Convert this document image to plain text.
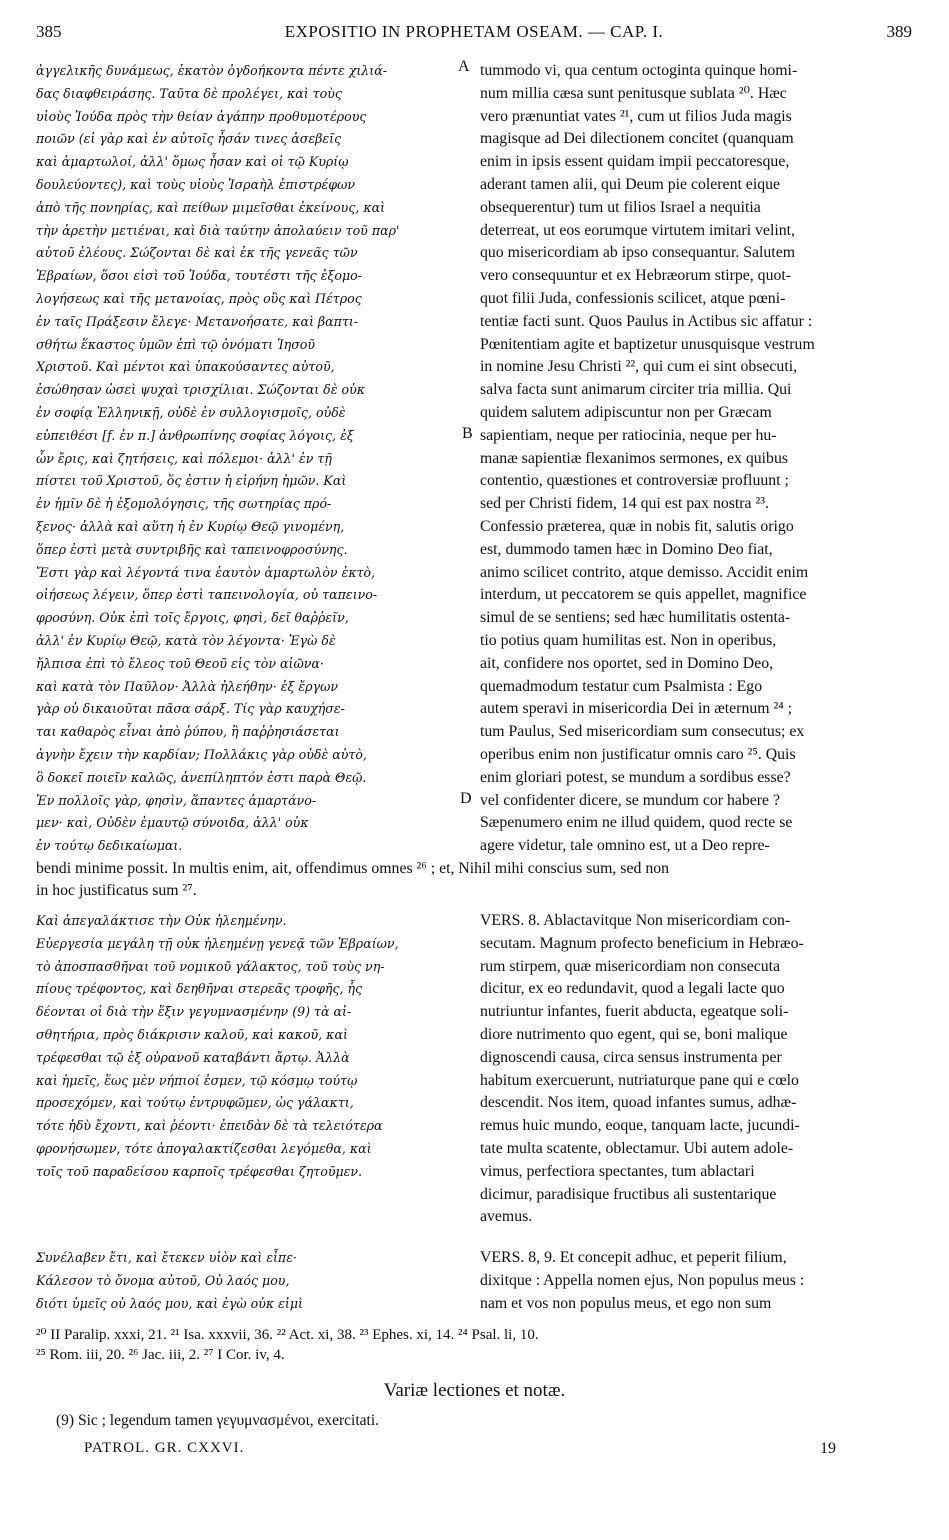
385	EXPOSITIO IN PROPHETAM OSEAM. — CAP. I.	389
A
B
D
ἀγγελικῆς δυνάμεως, ἑκατὸν ὀγδοήκοντα πέντε χιλιά-
δας διαφθειράσης. Ταῦτα δὲ προλέγει, καὶ τοὺς
υἱοὺς Ἰούδα πρὸς τὴν θείαν ἀγάπην προθυμοτέρους
ποιῶν (εἰ γὰρ καὶ ἐν αὐτοῖς ἦσάν τινες ἀσεβεῖς
καὶ ἁμαρτωλοί, ἀλλ' ὅμως ἦσαν καὶ οἱ τῷ Κυρίῳ
δουλεύοντες), καὶ τοὺς υἱοὺς Ἰσραὴλ ἐπιστρέφων
ἀπὸ τῆς πονηρίας, καὶ πείθων μιμεῖσθαι ἐκείνους, καὶ
τὴν ἀρετὴν μετιέναι, καὶ διὰ ταύτην ἀπολαύειν τοῦ παρ'
αὐτοῦ ἐλέους. Σώζονται δὲ καὶ ἐκ τῆς γενεᾶς τῶν
Ἑβραίων, ὅσοι εἰσὶ τοῦ Ἰούδα, τουτέστι τῆς ἐξομο-
λογήσεως καὶ τῆς μετανοίας, πρὸς οὓς καὶ Πέτρος
ἐν ταῖς Πράξεσιν ἔλεγε· Μετανοήσατε, καὶ βαπτι-
σθήτω ἕκαστος ὑμῶν ἐπὶ τῷ ὀνόματι Ἰησοῦ
Χριστοῦ. Καὶ μέντοι καὶ ὑπακούσαντες αὐτοῦ,
ἐσώθησαν ὡσεὶ ψυχαὶ τρισχίλιαι. Σώζονται δὲ οὐκ
ἐν σοφίᾳ Ἑλληνικῇ, οὐδὲ ἐν συλλογισμοῖς, οὐδὲ
εὐπειθέσι [f. ἐν π.] ἀνθρωπίνης σοφίας λόγοις, ἐξ
ὧν ἔρις, καὶ ζητήσεις, καὶ πόλεμοι· ἀλλ' ἐν τῇ
πίστει τοῦ Χριστοῦ, ὅς ἐστιν ἡ εἰρήνη ἡμῶν. Καὶ
ἐν ἡμῖν δὲ ἡ ἐξομολόγησις, τῆς σωτηρίας πρό-
ξενος· ἀλλὰ καὶ αὕτη ἡ ἐν Κυρίῳ Θεῷ γινομένη,
ὅπερ ἐστὶ μετὰ συντριβῆς καὶ ταπεινοφροσύνης.
Ἔστι γὰρ καὶ λέγοντά τινα ἑαυτὸν ἁμαρτωλὸν ἑκτὸ,
οἰήσεως λέγειν, ὅπερ ἐστὶ ταπεινολογία, οὐ ταπεινο-
φροσύνη. Οὐκ ἐπὶ τοῖς ἔργοις, φησὶ, δεῖ θαῤῥεῖν,
ἀλλ' ἐν Κυρίῳ Θεῷ, κατὰ τὸν λέγοντα· Ἐγὼ δὲ
ἤλπισα ἐπὶ τὸ ἔλεος τοῦ Θεοῦ εἰς τὸν αἰῶνα·
καὶ κατὰ τὸν Παῦλον· Ἀλλὰ ἠλεήθην· ἐξ ἔργων
γὰρ οὐ δικαιοῦται πᾶσα σάρξ. Τίς γὰρ καυχήσε-
ται καθαρὸς εἶναι ἀπὸ ῥύπου, ἢ παῤῥησιάσεται
ἁγνὴν ἔχειν τὴν καρδίαν; Πολλάκις γὰρ οὐδὲ αὐτὸ,
ὃ δοκεῖ ποιεῖν καλῶς, ἀνεπίληπτόν ἐστι παρὰ Θεῷ.
Ἐν πολλοῖς γὰρ, φησὶν, ἅπαντες ἁμαρτάνο-
μεν· καὶ, Οὐδὲν ἐμαυτῷ σύνοιδα, ἀλλ' οὐκ
ἐν τούτῳ δεδικαίωμαι.
tummodo vi, qua centum octoginta quinque homi-
num millia cæsa sunt penitusque sublata ²⁰. Hæc
vero prænuntiat vates ²¹, cum ut filios Juda magis
magisque ad Dei dilectionem concitet (quanquam
enim in ipsis essent quidam impii peccatoresque,
aderant tamen alii, qui Deum pie colerent eique
obsequerentur) tum ut filios Israel a nequitia
deterreat, ut eos eorumque virtutem imitari velint,
quo misericordiam ab ipso consequantur. Salutem
vero consequuntur et ex Hebræorum stirpe, quot-
quot filii Juda, confessionis scilicet, atque pœni-
tentiæ facti sunt. Quos Paulus in Actibus sic affatur :
Pœnitentiam agite et baptizetur unusquisque vestrum
in nomine Jesu Christi ²², qui cum ei sint obsecuti,
salva facta sunt animarum circiter tria millia. Qui
quidem salutem adipiscuntur non per Græcam
sapientiam, neque per ratiocinia, neque per hu-
manæ sapientiæ flexanimos sermones, ex quibus
contentio, quæstiones et controversiæ profluunt ;
sed per Christi fidem, 14 qui est pax nostra ²³.
Confessio præterea, quæ in nobis fit, salutis origo
est, dummodo tamen hæc in Domino Deo fiat,
animo scilicet contrito, atque demisso. Accidit enim
interdum, ut peccatorem se quis appellet, magnifice
simul de se sentiens; sed hæc humilitatis ostenta-
tio potius quam humilitas est. Non in operibus,
ait, confidere nos oportet, sed in Domino Deo,
quemadmodum testatur cum Psalmista : Ego
autem speravi in misericordia Dei in æternum ²⁴ ;
tum Paulus, Sed misericordiam sum consecutus; ex
operibus enim non justificatur omnis caro ²⁵. Quis
enim gloriari potest, se mundum a sordibus esse?
vel confidenter dicere, se mundum cor habere ?
Sæpenumero enim ne illud quidem, quod recte se
agere videtur, tale omnino est, ut a Deo repre-
bendi minime possit. In multis enim, ait, offendimus omnes ²⁶ ; et, Nihil mihi conscius sum, sed non
in hoc justificatus sum ²⁷.
Καὶ ἀπεγαλάκτισε τὴν Οὐκ ἠλεημένην.
Εὐεργεσία μεγάλη τῇ οὐκ ἠλεημένῃ γενεᾷ τῶν Ἑβραίων,
τὸ ἀποσπασθῆναι τοῦ νομικοῦ γάλακτος, τοῦ τοὺς νη-
πίους τρέφοντος, καὶ δεηθῆναι στερεᾶς τροφῆς, ἧς
δέονται οἱ διὰ τὴν ἕξιν γεγυμνασμένην (9) τὰ αἰ-
σθητήρια, πρὸς διάκρισιν καλοῦ, καὶ κακοῦ, καὶ
τρέφεσθαι τῷ ἐξ οὐρανοῦ καταβάντι ἄρτῳ. Ἀλλὰ
καὶ ἡμεῖς, ἕως μὲν νήπιοί ἐσμεν, τῷ κόσμῳ τούτῳ
προσεχόμεν, καὶ τούτῳ ἐντρυφῶμεν, ὡς γάλακτι,
τότε ἡδὺ ἔχοντι, καὶ ῥέοντι· ἐπειδὰν δὲ τὰ τελειότερα
φρονήσωμεν, τότε ἀπογαλακτίζεσθαι λεγόμεθα, καὶ
τοῖς τοῦ παραδείσου καρποῖς τρέφεσθαι ζητοῦμεν.
VERS. 8. Ablactavitque Non misericordiam con-
secutam. Magnum profecto beneficium in Hebræo-
rum stirpem, quæ misericordiam non consecuta
dicitur, ex eo redundavit, quod a legali lacte quo
nutriuntur infantes, fuerit abducta, egeatque soli-
diore nutrimento quo egent, qui se, boni malique
dignoscendi causa, circa sensus instrumenta per
habitum exercuerunt, nutriaturque pane qui e cœlo
descendit. Nos item, quoad infantes sumus, adhæ-
remus huic mundo, eoque, tanquam lacte, jucundi-
tate multa scatente, oblectamur. Ubi autem adole-
vimus, perfectiora spectantes, tum ablactari
dicimur, paradisique fructibus ali sustentarique
avemus.
Συνέλαβεν ἔτι, καὶ ἔτεκεν υἱὸν καὶ εἶπε·
Κάλεσον τὸ ὄνομα αὐτοῦ, Οὐ λαός μου,
διότι ὑμεῖς οὐ λαός μου, καὶ ἐγὼ οὐκ εἰμὶ
VERS. 8, 9. Et concepit adhuc, et peperit filium,
dixitque : Appella nomen ejus, Non populus meus :
nam et vos non populus meus, et ego non sum
²⁰ II Paralip. xxxi, 21. ²¹ Isa. xxxvii, 36. ²² Act. xi, 38. ²³ Ephes. xi, 14. ²⁴ Psal. li, 10.
²⁵ Rom. iii, 20. ²⁶ Jac. iii, 2. ²⁷ I Cor. iv, 4.
Variæ lectiones et notæ.
(9) Sic ; legendum tamen γεγυμνασμένοι, exercitati.
PATROL. GR. CXXVI.	19
